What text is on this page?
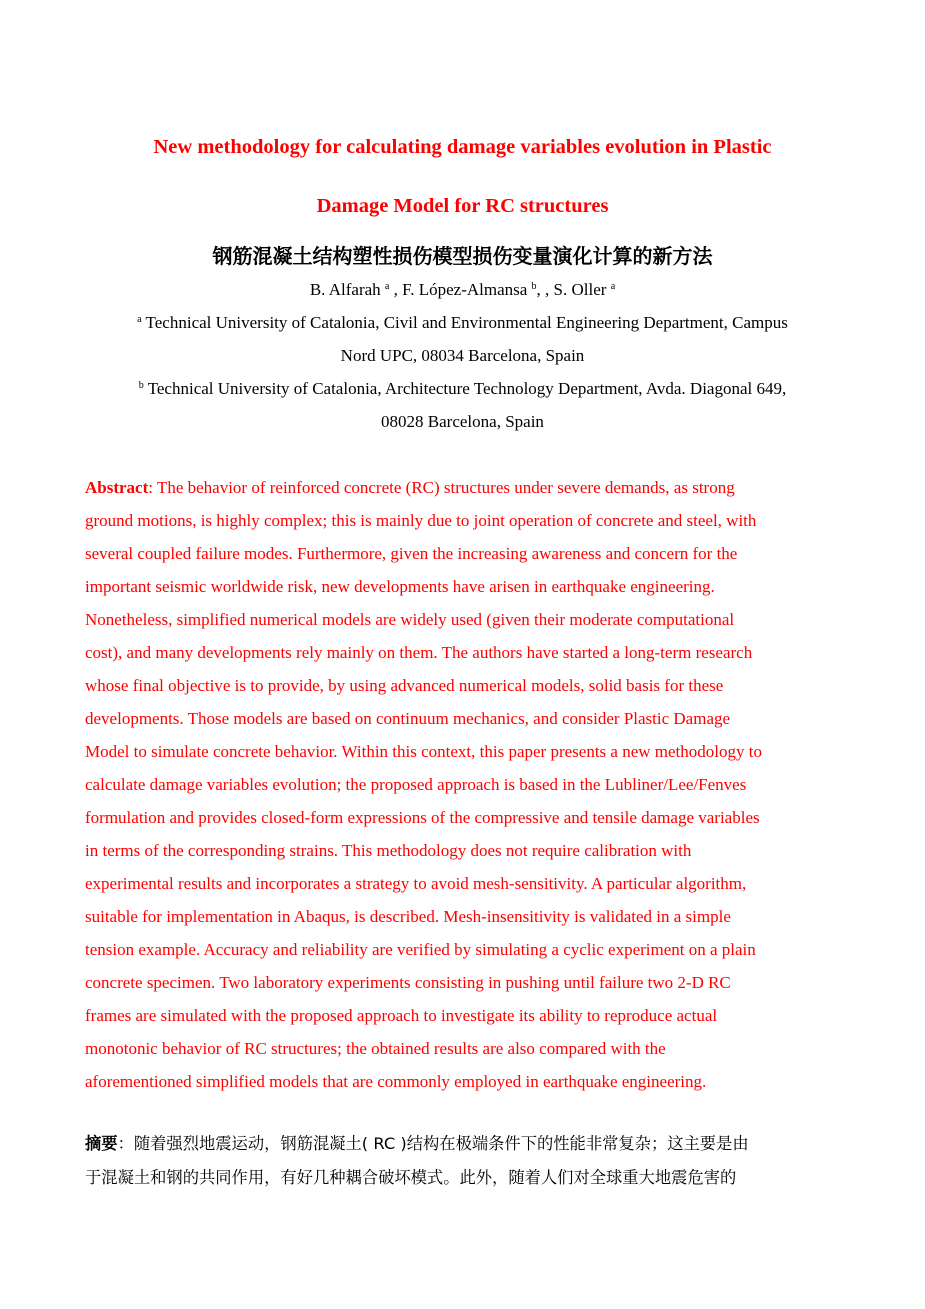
New methodology for calculating damage variables evolution in Plastic
Damage Model for RC structures
钢筋混凝土结构塑性损伤模型损伤变量演化计算的新方法
B. Alfarah $^a$ , F. López-Almansa $^b$, , S. Oller $^a$
$^a$ Technical University of Catalonia, Civil and Environmental Engineering Department, Campus
Nord UPC, 08034 Barcelona, Spain
$^b$ Technical University of Catalonia, Architecture Technology Department, Avda. Diagonal 649,
08028 Barcelona, Spain
Abstract: The behavior of reinforced concrete (RC) structures under severe demands, as strong
ground motions, is highly complex; this is mainly due to joint operation of concrete and steel, with
several coupled failure modes. Furthermore, given the increasing awareness and concern for the
important seismic worldwide risk, new developments have arisen in earthquake engineering.
Nonetheless, simplified numerical models are widely used (given their moderate computational
cost), and many developments rely mainly on them. The authors have started a long-term research
whose final objective is to provide, by using advanced numerical models, solid basis for these
developments. Those models are based on continuum mechanics, and consider Plastic Damage
Model to simulate concrete behavior. Within this context, this paper presents a new methodology to
calculate damage variables evolution; the proposed approach is based in the Lubliner/Lee/Fenves
formulation and provides closed-form expressions of the compressive and tensile damage variables
in terms of the corresponding strains. This methodology does not require calibration with
experimental results and incorporates a strategy to avoid mesh-sensitivity. A particular algorithm,
suitable for implementation in Abaqus, is described. Mesh-insensitivity is validated in a simple
tension example. Accuracy and reliability are verified by simulating a cyclic experiment on a plain
concrete specimen. Two laboratory experiments consisting in pushing until failure two 2-D RC
frames are simulated with the proposed approach to investigate its ability to reproduce actual
monotonic behavior of RC structures; the obtained results are also compared with the
aforementioned simplified models that are commonly employed in earthquake engineering.
摘要：随着强烈地震运动，钢筋混凝土( RC )结构在极端条件下的性能非常复杂；这主要是由
于混凝土和钢的共同作用，有好几种耦合破坏模式。此外，随着人们对全球重大地震危害的
